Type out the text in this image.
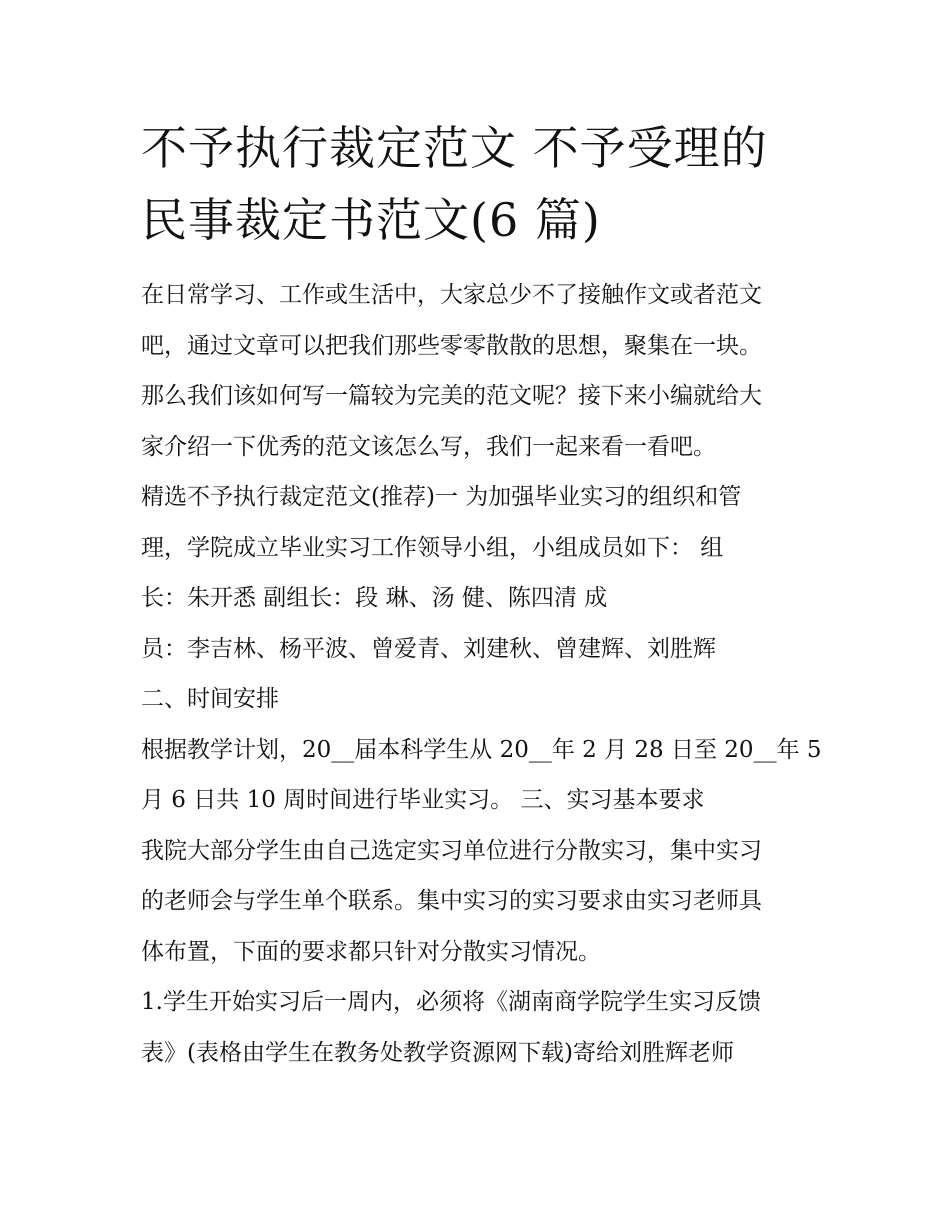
不予执行裁定范文 不予受理的
民事裁定书范文(6 篇)

在日常学习、工作或生活中，大家总少不了接触作文或者范文
吧，通过文章可以把我们那些零零散散的思想，聚集在一块。
那么我们该如何写一篇较为完美的范文呢？接下来小编就给大
家介绍一下优秀的范文该怎么写，我们一起来看一看吧。

精选不予执行裁定范文(推荐)一 为加强毕业实习的组织和管
理，学院成立毕业实习工作领导小组，小组成员如下： 组
长：朱开悉 副组长：段 琳、汤 健、陈四清 成
员：李吉林、杨平波、曾爱青、刘建秋、曾建辉、刘胜辉

二、时间安排

根据教学计划，20__届本科学生从 20__年 2 月 28 日至 20__年 5
月 6 日共 10 周时间进行毕业实习。 三、实习基本要求

我院大部分学生由自己选定实习单位进行分散实习，集中实习
的老师会与学生单个联系。集中实习的实习要求由实习老师具
体布置，下面的要求都只针对分散实习情况。

1.学生开始实习后一周内，必须将《湖南商学院学生实习反馈
表》(表格由学生在教务处教学资源网下载)寄给刘胜辉老师
